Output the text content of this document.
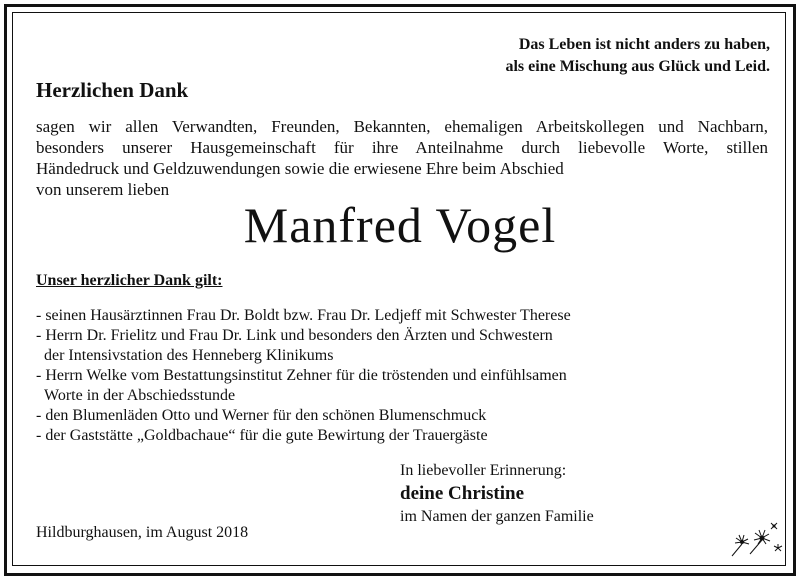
Das Leben ist nicht anders zu haben,
als eine Mischung aus Glück und Leid.
Herzlichen Dank
sagen wir allen Verwandten, Freunden, Bekannten, ehemaligen Arbeitskollegen und Nachbarn,
besonders unserer Hausgemeinschaft für ihre Anteilnahme durch liebevolle Worte, stillen
Händedruck und Geldzuwendungen sowie die erwiesene Ehre beim Abschied
von unserem lieben
Manfred Vogel
Unser herzlicher Dank gilt:
- seinen Hausärztinnen Frau Dr. Boldt bzw. Frau Dr. Ledjeff mit Schwester Therese
- Herrn Dr. Frielitz und Frau Dr. Link und besonders den Ärzten und Schwestern
der Intensivstation des Henneberg Klinikums
- Herrn Welke vom Bestattungsinstitut Zehner für die tröstenden und einfühlsamen
Worte in der Abschiedsstunde
- den Blumenläden Otto und Werner für den schönen Blumenschmuck
- der Gaststätte „Goldbachaue“ für die gute Bewirtung der Trauergäste
In liebevoller Erinnerung:
deine Christine
im Namen der ganzen Familie
Hildburghausen, im August 2018
